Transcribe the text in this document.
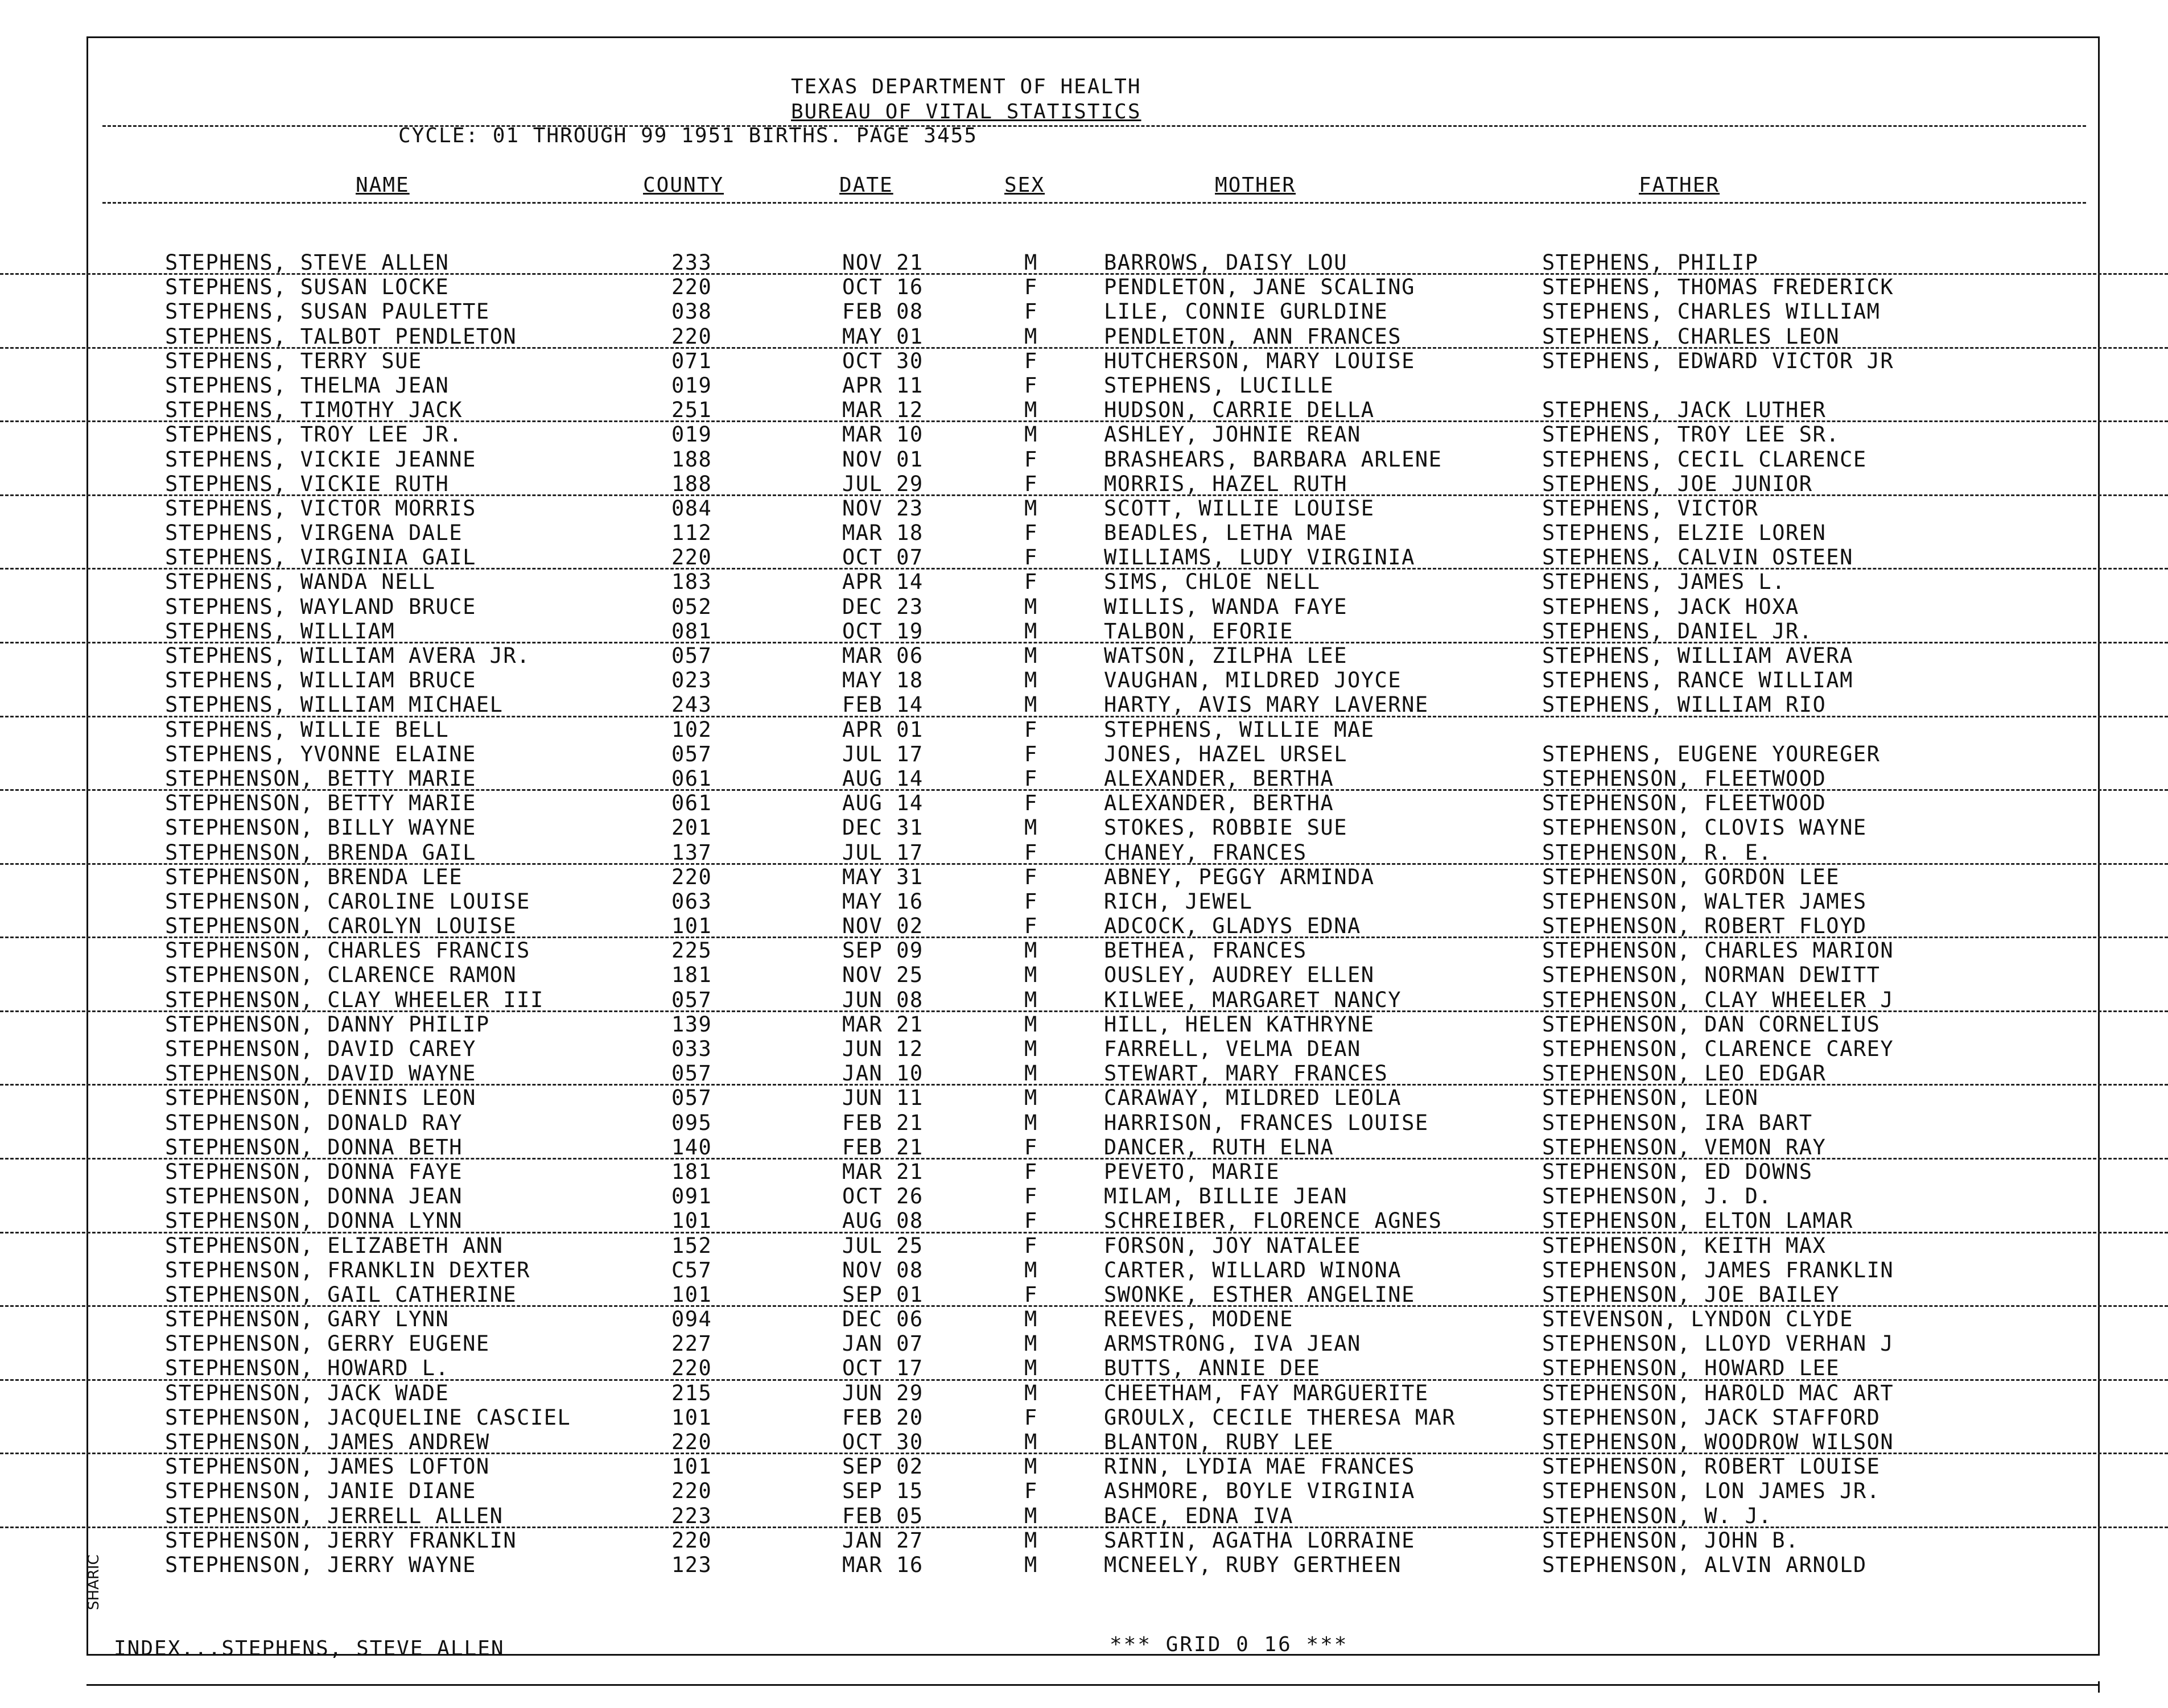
TEXAS DEPARTMENT OF HEALTH
BUREAU OF VITAL STATISTICS
CYCLE: 01 THROUGH 99 1951 BIRTHS. PAGE 3455
NAME	COUNTY	DATE	SEX	MOTHER	FATHER
STEPHENS, STEVE ALLEN	233	NOV 21	M	BARROWS, DAISY LOU	STEPHENS, PHILIP
STEPHENS, SUSAN LOCKE	220	OCT 16	F	PENDLETON, JANE SCALING	STEPHENS, THOMAS FREDERICK
STEPHENS, SUSAN PAULETTE	038	FEB 08	F	LILE, CONNIE GURLDINE	STEPHENS, CHARLES WILLIAM
STEPHENS, TALBOT PENDLETON	220	MAY 01	M	PENDLETON, ANN FRANCES	STEPHENS, CHARLES LEON
STEPHENS, TERRY SUE	071	OCT 30	F	HUTCHERSON, MARY LOUISE	STEPHENS, EDWARD VICTOR JR
STEPHENS, THELMA JEAN	019	APR 11	F	STEPHENS, LUCILLE
STEPHENS, TIMOTHY JACK	251	MAR 12	M	HUDSON, CARRIE DELLA	STEPHENS, JACK LUTHER
STEPHENS, TROY LEE JR.	019	MAR 10	M	ASHLEY, JOHNIE REAN	STEPHENS, TROY LEE SR.
STEPHENS, VICKIE JEANNE	188	NOV 01	F	BRASHEARS, BARBARA ARLENE	STEPHENS, CECIL CLARENCE
STEPHENS, VICKIE RUTH	188	JUL 29	F	MORRIS, HAZEL RUTH	STEPHENS, JOE JUNIOR
STEPHENS, VICTOR MORRIS	084	NOV 23	M	SCOTT, WILLIE LOUISE	STEPHENS, VICTOR
STEPHENS, VIRGENA DALE	112	MAR 18	F	BEADLES, LETHA MAE	STEPHENS, ELZIE LOREN
STEPHENS, VIRGINIA GAIL	220	OCT 07	F	WILLIAMS, LUDY VIRGINIA	STEPHENS, CALVIN OSTEEN
STEPHENS, WANDA NELL	183	APR 14	F	SIMS, CHLOE NELL	STEPHENS, JAMES L.
STEPHENS, WAYLAND BRUCE	052	DEC 23	M	WILLIS, WANDA FAYE	STEPHENS, JACK HOXA
STEPHENS, WILLIAM	081	OCT 19	M	TALBON, EFORIE	STEPHENS, DANIEL JR.
STEPHENS, WILLIAM AVERA JR.	057	MAR 06	M	WATSON, ZILPHA LEE	STEPHENS, WILLIAM AVERA
STEPHENS, WILLIAM BRUCE	023	MAY 18	M	VAUGHAN, MILDRED JOYCE	STEPHENS, RANCE WILLIAM
STEPHENS, WILLIAM MICHAEL	243	FEB 14	M	HARTY, AVIS MARY LAVERNE	STEPHENS, WILLIAM RIO
STEPHENS, WILLIE BELL	102	APR 01	F	STEPHENS, WILLIE MAE
STEPHENS, YVONNE ELAINE	057	JUL 17	F	JONES, HAZEL URSEL	STEPHENS, EUGENE YOUREGER
STEPHENSON, BETTY MARIE	061	AUG 14	F	ALEXANDER, BERTHA	STEPHENSON, FLEETWOOD
STEPHENSON, BETTY MARIE	061	AUG 14	F	ALEXANDER, BERTHA	STEPHENSON, FLEETWOOD
STEPHENSON, BILLY WAYNE	201	DEC 31	M	STOKES, ROBBIE SUE	STEPHENSON, CLOVIS WAYNE
STEPHENSON, BRENDA GAIL	137	JUL 17	F	CHANEY, FRANCES	STEPHENSON, R. E.
STEPHENSON, BRENDA LEE	220	MAY 31	F	ABNEY, PEGGY ARMINDA	STEPHENSON, GORDON LEE
STEPHENSON, CAROLINE LOUISE	063	MAY 16	F	RICH, JEWEL	STEPHENSON, WALTER JAMES
STEPHENSON, CAROLYN LOUISE	101	NOV 02	F	ADCOCK, GLADYS EDNA	STEPHENSON, ROBERT FLOYD
STEPHENSON, CHARLES FRANCIS	225	SEP 09	M	BETHEA, FRANCES	STEPHENSON, CHARLES MARION
STEPHENSON, CLARENCE RAMON	181	NOV 25	M	OUSLEY, AUDREY ELLEN	STEPHENSON, NORMAN DEWITT
STEPHENSON, CLAY WHEELER III	057	JUN 08	M	KILWEE, MARGARET NANCY	STEPHENSON, CLAY WHEELER J
STEPHENSON, DANNY PHILIP	139	MAR 21	M	HILL, HELEN KATHRYNE	STEPHENSON, DAN CORNELIUS
STEPHENSON, DAVID CAREY	033	JUN 12	M	FARRELL, VELMA DEAN	STEPHENSON, CLARENCE CAREY
STEPHENSON, DAVID WAYNE	057	JAN 10	M	STEWART, MARY FRANCES	STEPHENSON, LEO EDGAR
STEPHENSON, DENNIS LEON	057	JUN 11	M	CARAWAY, MILDRED LEOLA	STEPHENSON, LEON
STEPHENSON, DONALD RAY	095	FEB 21	M	HARRISON, FRANCES LOUISE	STEPHENSON, IRA BART
STEPHENSON, DONNA BETH	140	FEB 21	F	DANCER, RUTH ELNA	STEPHENSON, VEMON RAY
STEPHENSON, DONNA FAYE	181	MAR 21	F	PEVETO, MARIE	STEPHENSON, ED DOWNS
STEPHENSON, DONNA JEAN	091	OCT 26	F	MILAM, BILLIE JEAN	STEPHENSON, J. D.
STEPHENSON, DONNA LYNN	101	AUG 08	F	SCHREIBER, FLORENCE AGNES	STEPHENSON, ELTON LAMAR
STEPHENSON, ELIZABETH ANN	152	JUL 25	F	FORSON, JOY NATALEE	STEPHENSON, KEITH MAX
STEPHENSON, FRANKLIN DEXTER	C57	NOV 08	M	CARTER, WILLARD WINONA	STEPHENSON, JAMES FRANKLIN
STEPHENSON, GAIL CATHERINE	101	SEP 01	F	SWONKE, ESTHER ANGELINE	STEPHENSON, JOE BAILEY
STEPHENSON, GARY LYNN	094	DEC 06	M	REEVES, MODENE	STEVENSON, LYNDON CLYDE
STEPHENSON, GERRY EUGENE	227	JAN 07	M	ARMSTRONG, IVA JEAN	STEPHENSON, LLOYD VERHAN J
STEPHENSON, HOWARD L.	220	OCT 17	M	BUTTS, ANNIE DEE	STEPHENSON, HOWARD LEE
STEPHENSON, JACK WADE	215	JUN 29	M	CHEETHAM, FAY MARGUERITE	STEPHENSON, HAROLD MAC ART
STEPHENSON, JACQUELINE CASCIEL	101	FEB 20	F	GROULX, CECILE THERESA MAR	STEPHENSON, JACK STAFFORD
STEPHENSON, JAMES ANDREW	220	OCT 30	M	BLANTON, RUBY LEE	STEPHENSON, WOODROW WILSON
STEPHENSON, JAMES LOFTON	101	SEP 02	M	RINN, LYDIA MAE FRANCES	STEPHENSON, ROBERT LOUISE
STEPHENSON, JANIE DIANE	220	SEP 15	F	ASHMORE, BOYLE VIRGINIA	STEPHENSON, LON JAMES JR.
STEPHENSON, JERRELL ALLEN	223	FEB 05	M	BACE, EDNA IVA	STEPHENSON, W. J.
STEPHENSON, JERRY FRANKLIN	220	JAN 27	M	SARTIN, AGATHA LORRAINE	STEPHENSON, JOHN B.
STEPHENSON, JERRY WAYNE	123	MAR 16	M	MCNEELY, RUBY GERTHEEN	STEPHENSON, ALVIN ARNOLD
INDEX...STEPHENS, STEVE ALLEN	*** GRID 0 16 ***
SHARIC
